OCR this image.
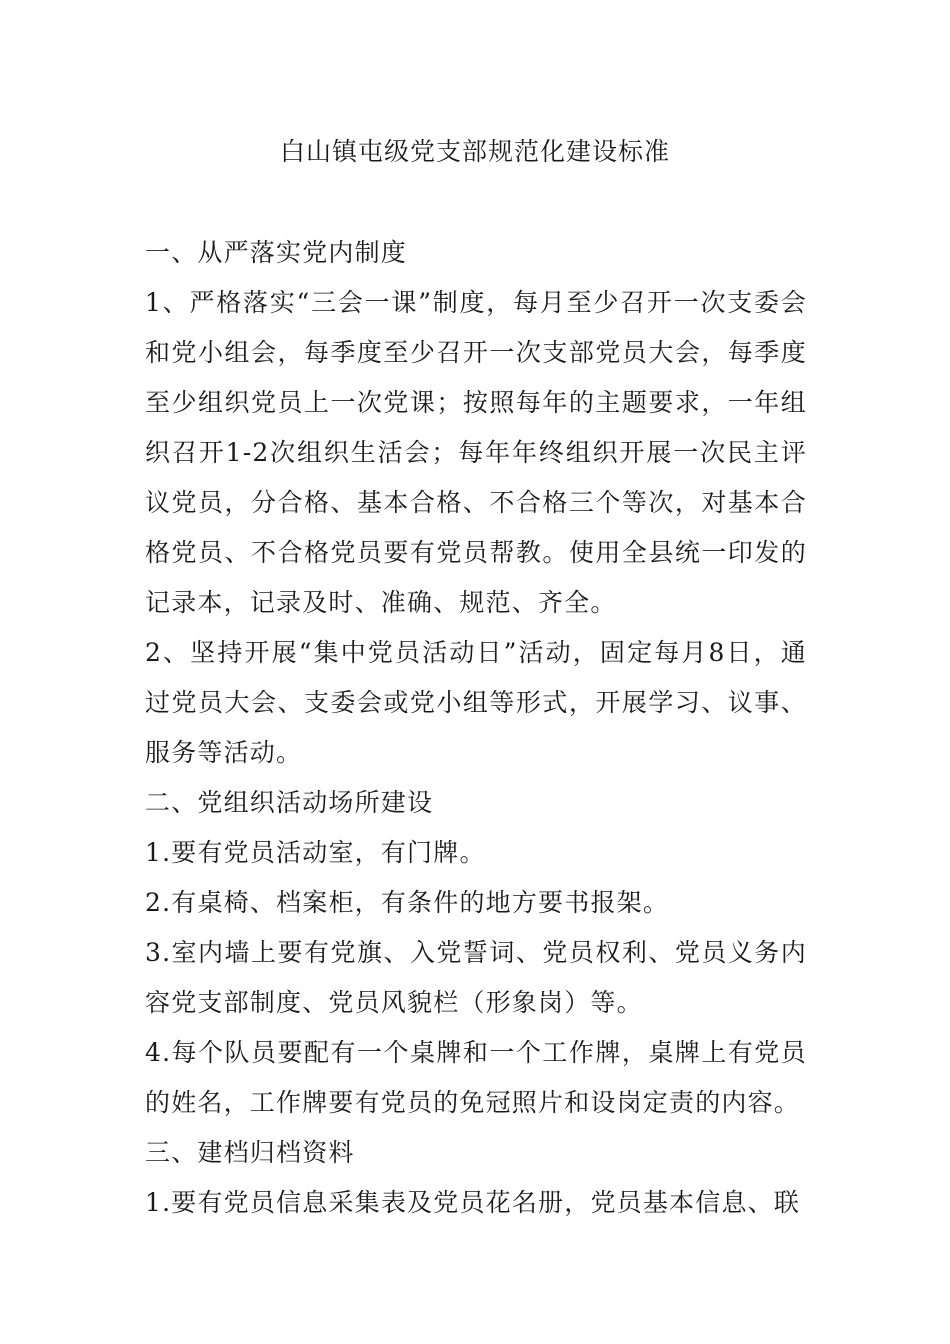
白山镇屯级党支部规范化建设标准

一、从严落实党内制度

1、严格落实“三会一课”制度，每月至少召开一次支委会和党小组会，每季度至少召开一次支部党员大会，每季度至少组织党员上一次党课；按照每年的主题要求，一年组织召开1-2次组织生活会；每年年终组织开展一次民主评议党员，分合格、基本合格、不合格三个等次，对基本合格党员、不合格党员要有党员帮教。使用全县统一印发的记录本，记录及时、准确、规范、齐全。

2、坚持开展“集中党员活动日”活动，固定每月8日，通过党员大会、支委会或党小组等形式，开展学习、议事、服务等活动。

二、党组织活动场所建设

1.要有党员活动室，有门牌。

2.有桌椅、档案柜，有条件的地方要书报架。

3.室内墙上要有党旗、入党誓词、党员权利、党员义务内容党支部制度、党员风貌栏（形象岗）等。

4.每个队员要配有一个桌牌和一个工作牌，桌牌上有党员的姓名，工作牌要有党员的免冠照片和设岗定责的内容。

三、建档归档资料

1.要有党员信息采集表及党员花名册，党员基本信息、联
